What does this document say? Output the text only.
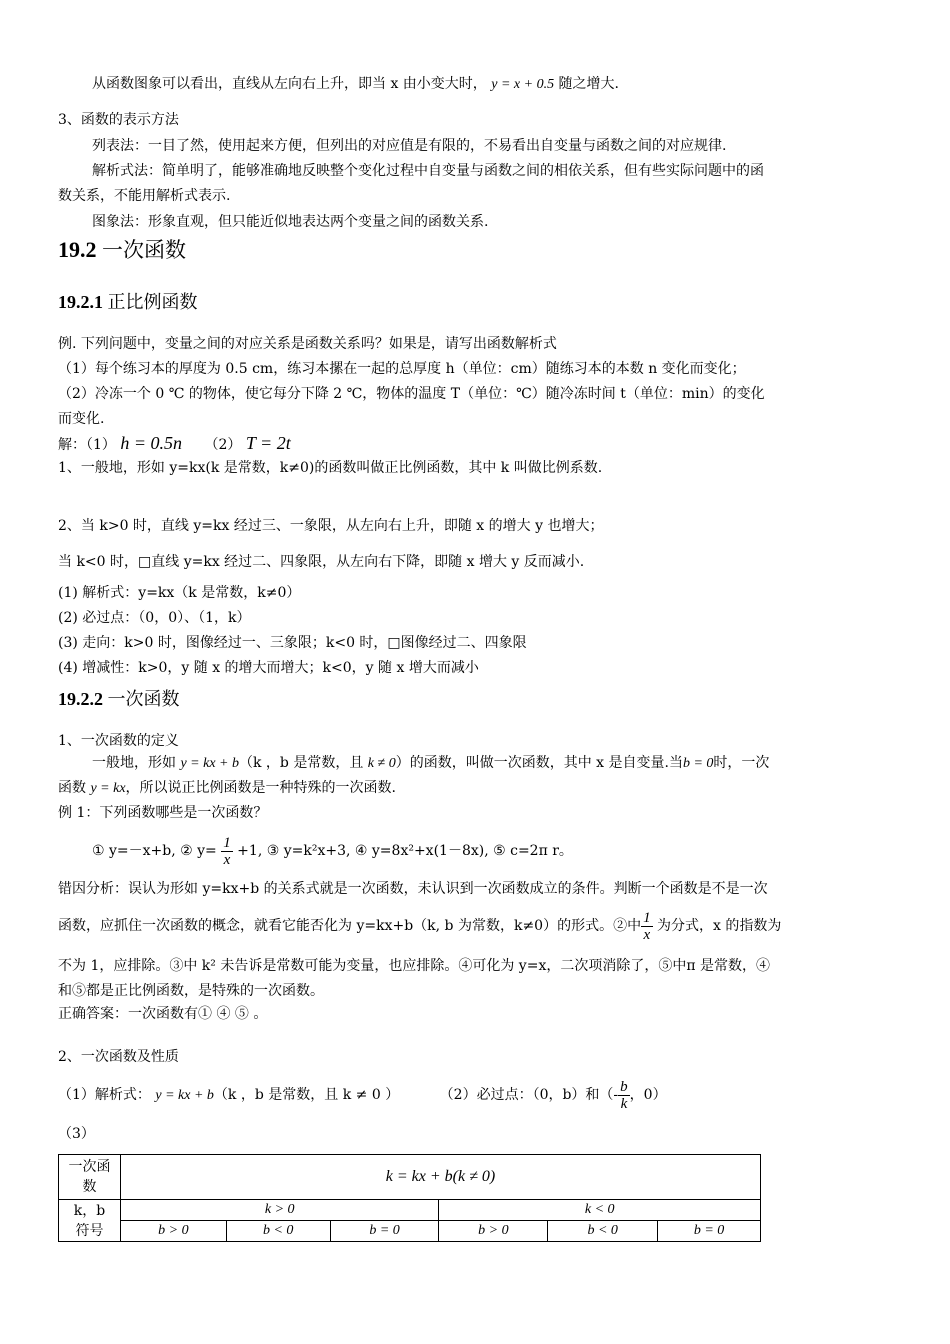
从函数图象可以看出，直线从左向右上升，即当 x 由小变大时， y = x + 0.5 随之增大.
3、函数的表示方法
列表法：一目了然，使用起来方便，但列出的对应值是有限的，不易看出自变量与函数之间的对应规律.
解析式法：简单明了，能够准确地反映整个变化过程中自变量与函数之间的相依关系，但有些实际问题中的函
数关系，不能用解析式表示.
图象法：形象直观，但只能近似地表达两个变量之间的函数关系.
19.2 一次函数
19.2.1 正比例函数
例. 下列问题中，变量之间的对应关系是函数关系吗？如果是，请写出函数解析式
（1）每个练习本的厚度为 0.5 cm，练习本摞在一起的总厚度 h（单位：cm）随练习本的本数 n 变化而变化；
（2）冷冻一个 0 ℃ 的物体，使它每分下降 2 ℃，物体的温度 T（单位：℃）随冷冻时间 t（单位：min）的变化
而变化.
解：（1） h = 0.5n （2） T = 2t
1、一般地，形如 y=kx(k 是常数，k≠0)的函数叫做正比例函数，其中 k 叫做比例系数.
2、当 k>0 时，直线 y=kx 经过三、一象限，从左向右上升，即随 x 的增大 y 也增大；
当 k<0 时，□直线 y=kx 经过二、四象限，从左向右下降，即随 x 增大 y 反而减小.
(1) 解析式：y=kx（k 是常数，k≠0）
(2) 必过点：（0，0）、（1，k）
(3) 走向：k>0 时，图像经过一、三象限；k<0 时，□图像经过二、四象限
(4) 增减性：k>0，y 随 x 的增大而增大；k<0，y 随 x 增大而减小
19.2.2 一次函数
1、一次函数的定义
一般地，形如 y = kx + b（k ，b 是常数，且 k ≠ 0）的函数，叫做一次函数，其中 x 是自变量.当b = 0时，一次
函数 y = kx，所以说正比例函数是一种特殊的一次函数.
例 1：下列函数哪些是一次函数？
① y=－x+b, ② $y= \frac{1}{x} +1$, ③ y=k²x+3, ④ y=8x²+x(1－8x), ⑤ c=2π r。
错因分析：误认为形如 y=kx+b 的关系式就是一次函数，未认识到一次函数成立的条件。判断一个函数是不是一次
函数，应抓住一次函数的概念，就看它能否化为 y=kx+b（k, b 为常数，k≠0）的形式。②中 $\frac{1}{x}$ 为分式，x 的指数为
不为 1，应排除。③中 k² 未告诉是常数可能为变量，也应排除。④可化为 y=x，二次项消除了，⑤中π 是常数，④
和⑤都是正比例函数，是特殊的一次函数。
正确答案：一次函数有① ④ ⑤ 。
2、一次函数及性质
（1）解析式： y = kx + b（k ，b 是常数，且 k ≠ 0 ）	（2）必过点：（0，b）和（- $\frac{b}{k}$ ，0）
（3）
一次函数	k = kx + b(k ≠ 0)					
k，b 符号	k > 0			k < 0		
	b > 0	b < 0	b = 0	b > 0	b < 0	b = 0
